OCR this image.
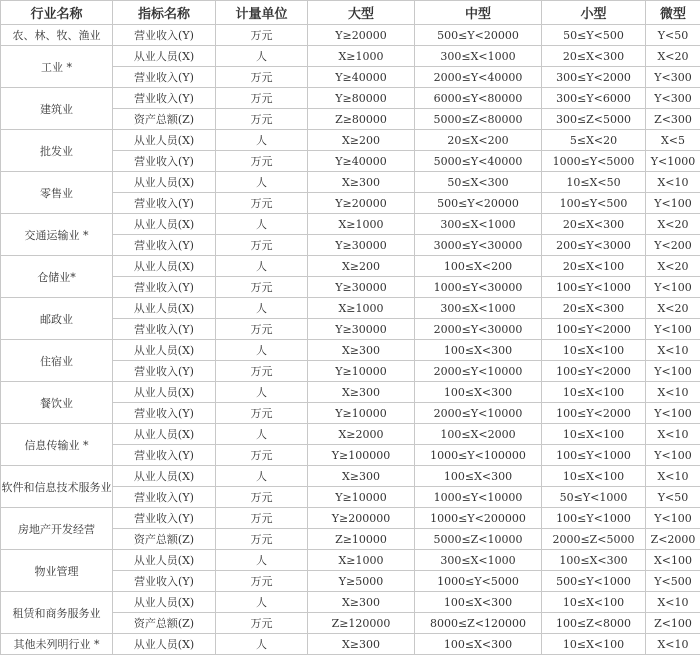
行业名称	指标名称	计量单位	大型	中型	小型	微型
农、林、牧、渔业	营业收入(Y)	万元	Y≥20000	500≤Y<20000	50≤Y<500	Y<50
工业 *	从业人员(X)	人	X≥1000	300≤X<1000	20≤X<300	X<20
	营业收入(Y)	万元	Y≥40000	2000≤Y<40000	300≤Y<2000	Y<300
建筑业	营业收入(Y)	万元	Y≥80000	6000≤Y<80000	300≤Y<6000	Y<300
	资产总额(Z)	万元	Z≥80000	5000≤Z<80000	300≤Z<5000	Z<300
批发业	从业人员(X)	人	X≥200	20≤X<200	5≤X<20	X<5
	营业收入(Y)	万元	Y≥40000	5000≤Y<40000	1000≤Y<5000	Y<1000
零售业	从业人员(X)	人	X≥300	50≤X<300	10≤X<50	X<10
	营业收入(Y)	万元	Y≥20000	500≤Y<20000	100≤Y<500	Y<100
交通运输业 *	从业人员(X)	人	X≥1000	300≤X<1000	20≤X<300	X<20
	营业收入(Y)	万元	Y≥30000	3000≤Y<30000	200≤Y<3000	Y<200
仓储业*	从业人员(X)	人	X≥200	100≤X<200	20≤X<100	X<20
	营业收入(Y)	万元	Y≥30000	1000≤Y<30000	100≤Y<1000	Y<100
邮政业	从业人员(X)	人	X≥1000	300≤X<1000	20≤X<300	X<20
	营业收入(Y)	万元	Y≥30000	2000≤Y<30000	100≤Y<2000	Y<100
住宿业	从业人员(X)	人	X≥300	100≤X<300	10≤X<100	X<10
	营业收入(Y)	万元	Y≥10000	2000≤Y<10000	100≤Y<2000	Y<100
餐饮业	从业人员(X)	人	X≥300	100≤X<300	10≤X<100	X<10
	营业收入(Y)	万元	Y≥10000	2000≤Y<10000	100≤Y<2000	Y<100
信息传输业 *	从业人员(X)	人	X≥2000	100≤X<2000	10≤X<100	X<10
	营业收入(Y)	万元	Y≥100000	1000≤Y<100000	100≤Y<1000	Y<100
软件和信息技术服务业	从业人员(X)	人	X≥300	100≤X<300	10≤X<100	X<10
	营业收入(Y)	万元	Y≥10000	1000≤Y<10000	50≤Y<1000	Y<50
房地产开发经营	营业收入(Y)	万元	Y≥200000	1000≤Y<200000	100≤Y<1000	Y<100
	资产总额(Z)	万元	Z≥10000	5000≤Z<10000	2000≤Z<5000	Z<2000
物业管理	从业人员(X)	人	X≥1000	300≤X<1000	100≤X<300	X<100
	营业收入(Y)	万元	Y≥5000	1000≤Y<5000	500≤Y<1000	Y<500
租赁和商务服务业	从业人员(X)	人	X≥300	100≤X<300	10≤X<100	X<10
	资产总额(Z)	万元	Z≥120000	8000≤Z<120000	100≤Z<8000	Z<100
其他未列明行业 *	从业人员(X)	人	X≥300	100≤X<300	10≤X<100	X<10
